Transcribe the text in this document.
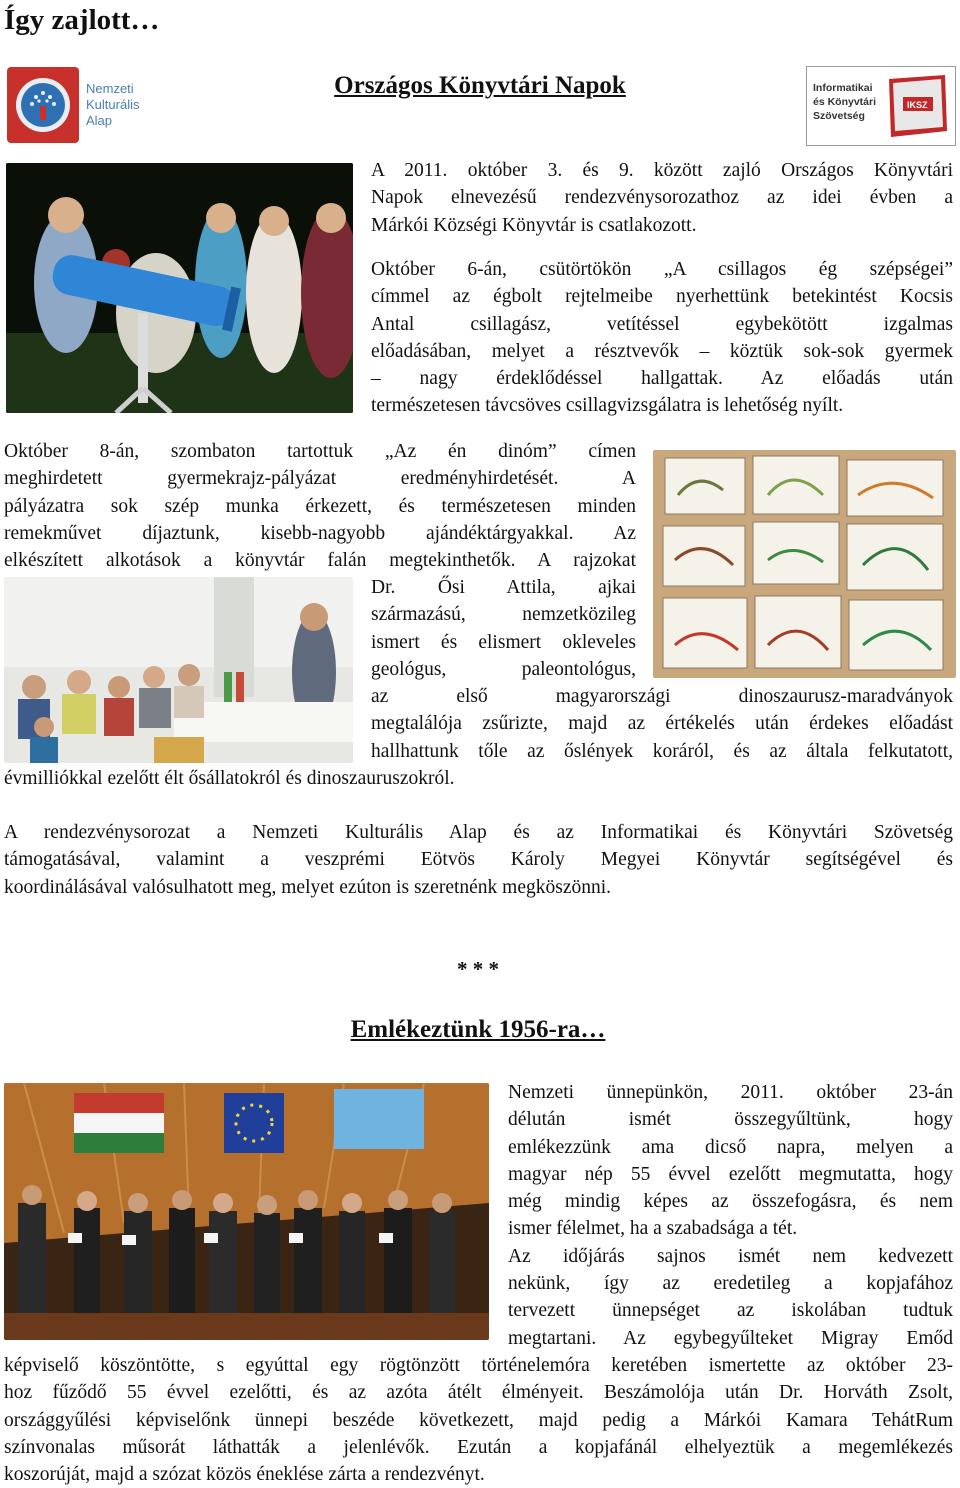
Így zajlott…
Nemzeti
Kulturális
Alap
Országos Könyvtári Napok	Informatikai
és Könyvtári
Szövetség
IKSZ
A 2011. október 3. és 9. között zajló Országos Könyvtári
Napok elnevezésű rendezvénysorozathoz az idei évben a
Márkói Községi Könyvtár is csatlakozott.
Október 6-án, csütörtökön „A csillagos ég szépségei”
címmel az égbolt rejtelmeibe nyerhettünk betekintést Kocsis
Antal csillagász, vetítéssel egybekötött izgalmas
előadásában, melyet a résztvevők – köztük sok-sok gyermek
– nagy érdeklődéssel hallgattak. Az előadás után
természetesen távcsöves csillagvizsgálatra is lehetőség nyílt.
Október 8-án, szombaton tartottuk „Az én dinóm” címen
meghirdetett gyermekrajz-pályázat eredményhirdetését. A
pályázatra sok szép munka érkezett, és természetesen minden
remekművet díjaztunk, kisebb-nagyobb ajándéktárgyakkal. Az
elkészített alkotások a könyvtár falán megtekinthetők. A rajzokat
Dr. Ősi Attila, ajkai
származású, nemzetközileg
ismert és elismert okleveles
geológus, paleontológus,
az első magyarországi dinoszaurusz-maradványok
megtalálója zsűrizte, majd az értékelés után érdekes előadást
hallhattunk tőle az őslények koráról, és az általa felkutatott,
évmilliókkal ezelőtt élt ősállatokról és dinoszauruszokról.
A rendezvénysorozat a Nemzeti Kulturális Alap és az Informatikai és Könyvtári Szövetség
támogatásával, valamint a veszprémi Eötvös Károly Megyei Könyvtár segítségével és
koordinálásával valósulhatott meg, melyet ezúton is szeretnénk megköszönni.
* * *
Emlékeztünk 1956-ra…
Nemzeti ünnepünkön, 2011. október 23-án
délután ismét összegyűltünk, hogy
emlékezzünk ama dicső napra, melyen a
magyar nép 55 évvel ezelőtt megmutatta, hogy
még mindig képes az összefogásra, és nem
ismer félelmet, ha a szabadsága a tét.
Az időjárás sajnos ismét nem kedvezett
nekünk, így az eredetileg a kopjafához
tervezett ünnepséget az iskolában tudtuk
megtartani. Az egybegyűlteket Migray Emőd
képviselő köszöntötte, s egyúttal egy rögtönzött történelemóra keretében ismertette az október 23-
hoz fűződő 55 évvel ezelőtti, és az azóta átélt élményeit. Beszámolója után Dr. Horváth Zsolt,
országgyűlési képviselőnk ünnepi beszéde következett, majd pedig a Márkói Kamara TehátRum
színvonalas műsorát láthatták a jelenlévők. Ezután a kopjafánál elhelyeztük a megemlékezés
koszorúját, majd a szózat közös éneklése zárta a rendezvényt.
